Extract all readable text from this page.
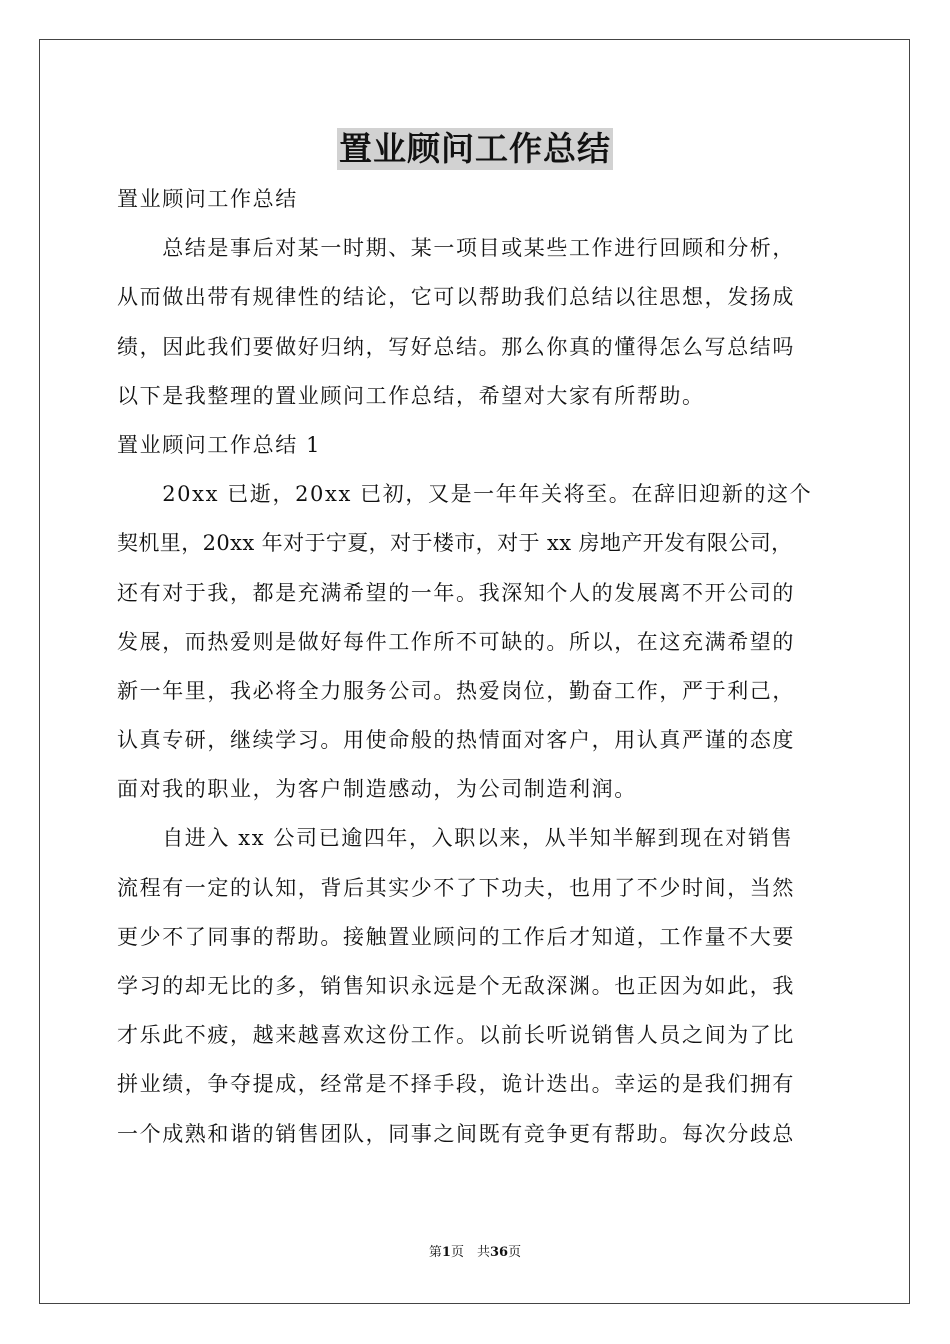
置业顾问工作总结
置业顾问工作总结
　　总结是事后对某一时期、某一项目或某些工作进行回顾和分析，
从而做出带有规律性的结论，它可以帮助我们总结以往思想，发扬成
绩，因此我们要做好归纳，写好总结。那么你真的懂得怎么写总结吗
以下是我整理的置业顾问工作总结，希望对大家有所帮助。
置业顾问工作总结 1
　　20xx 已逝，20xx 已初，又是一年年关将至。在辞旧迎新的这个
契机里，20xx 年对于宁夏，对于楼市，对于 xx 房地产开发有限公司，
还有对于我，都是充满希望的一年。我深知个人的发展离不开公司的
发展，而热爱则是做好每件工作所不可缺的。所以，在这充满希望的
新一年里，我必将全力服务公司。热爱岗位，勤奋工作，严于利己，
认真专研，继续学习。用使命般的热情面对客户，用认真严谨的态度
面对我的职业，为客户制造感动，为公司制造利润。
　　自进入 xx 公司已逾四年，入职以来，从半知半解到现在对销售
流程有一定的认知，背后其实少不了下功夫，也用了不少时间，当然
更少不了同事的帮助。接触置业顾问的工作后才知道，工作量不大要
学习的却无比的多，销售知识永远是个无敌深渊。也正因为如此，我
才乐此不疲，越来越喜欢这份工作。以前长听说销售人员之间为了比
拼业绩，争夺提成，经常是不择手段，诡计迭出。幸运的是我们拥有
一个成熟和谐的销售团队，同事之间既有竞争更有帮助。每次分歧总
第1页　共36页
